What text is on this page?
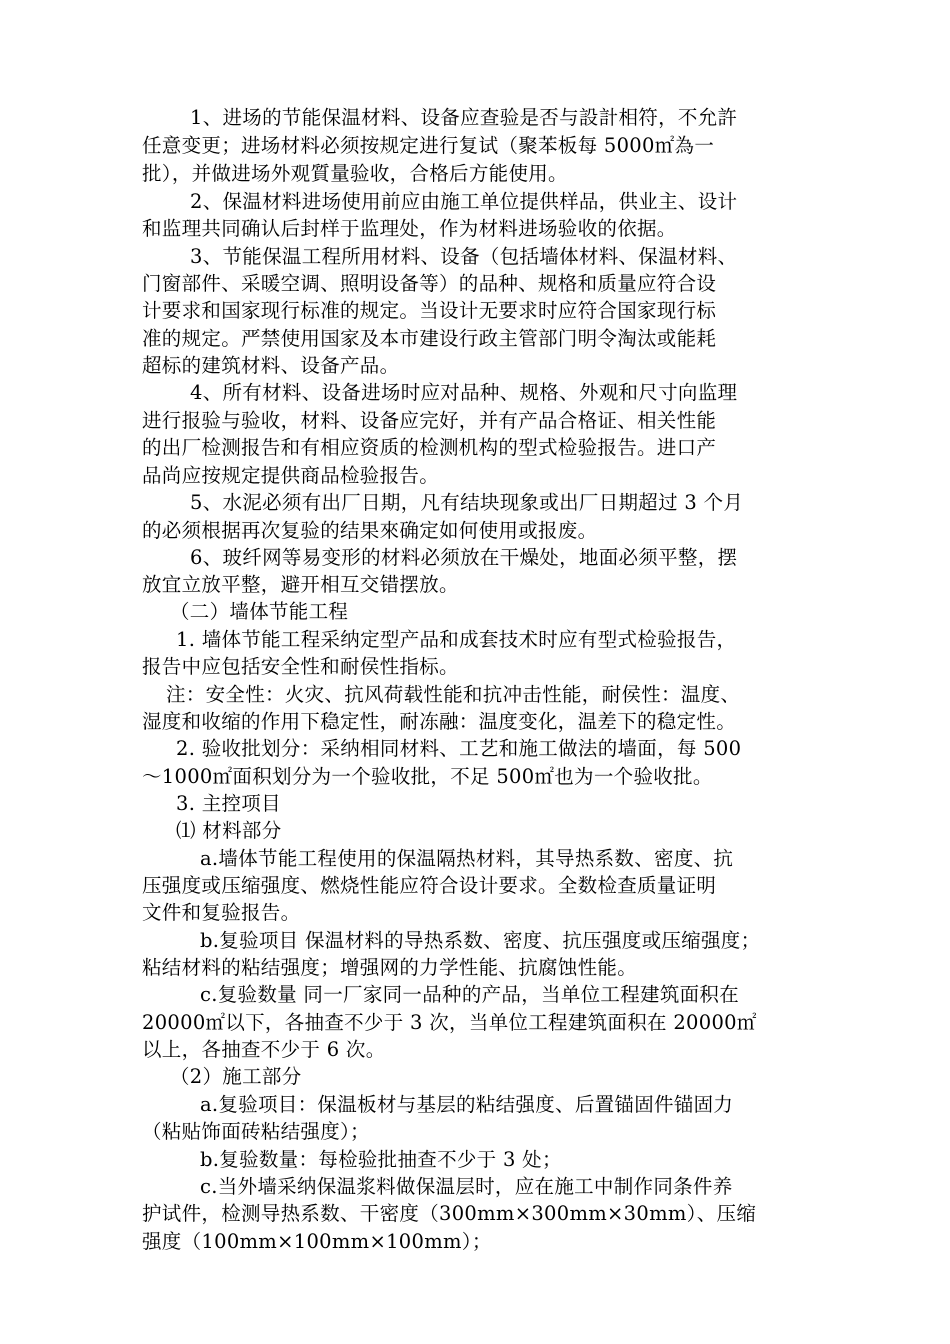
1、进场的节能保温材料、设备应查验是否与設計相符，不允許
任意变更；进场材料必须按规定进行复试（聚苯板每 5000㎡為一
批），并做进场外观質量验收，合格后方能使用。
2、保温材料进场使用前应由施工单位提供样品，供业主、设计
和监理共同确认后封样于监理处，作为材料进场验收的依据。
3、节能保温工程所用材料、设备（包括墙体材料、保温材料、
门窗部件、采暖空调、照明设备等）的品种、规格和质量应符合设
计要求和国家现行标准的规定。当设计无要求时应符合国家现行标
准的规定。严禁使用国家及本市建设行政主管部门明令淘汰或能耗
超标的建筑材料、设备产品。
4、所有材料、设备进场时应对品种、规格、外观和尺寸向监理
进行报验与验收，材料、设备应完好，并有产品合格证、相关性能
的出厂检测报告和有相应资质的检测机构的型式检验报告。进口产
品尚应按规定提供商品检验报告。
5、水泥必须有出厂日期，凡有结块现象或出厂日期超过 3 个月
的必须根据再次复验的结果來确定如何使用或报废。
6、玻纤网等易变形的材料必须放在干燥处，地面必须平整，摆
放宜立放平整，避开相互交错摆放。
（二）墙体节能工程
1. 墙体节能工程采纳定型产品和成套技术时应有型式检验报告，
报告中应包括安全性和耐侯性指标。
注：安全性：火灾、抗风荷载性能和抗冲击性能，耐侯性：温度、
湿度和收缩的作用下稳定性，耐冻融：温度变化，温差下的稳定性。
2. 验收批划分：采纳相同材料、工艺和施工做法的墙面，每 500
～1000㎡面积划分为一个验收批，不足 500㎡也为一个验收批。
3. 主控项目
⑴ 材料部分
a.墙体节能工程使用的保温隔热材料，其导热系数、密度、抗
压强度或压缩强度、燃烧性能应符合设计要求。全数检查质量证明
文件和复验报告。
b.复验项目 保温材料的导热系数、密度、抗压强度或压缩强度；
粘结材料的粘结强度；增强网的力学性能、抗腐蚀性能。
c.复验数量 同一厂家同一品种的产品，当单位工程建筑面积在
20000㎡以下，各抽查不少于 3 次，当单位工程建筑面积在 20000㎡
以上，各抽查不少于 6 次。
（2）施工部分
a.复验项目：保温板材与基层的粘结强度、后置锚固件锚固力
（粘贴饰面砖粘结强度）；
b.复验数量：每检验批抽查不少于 3 处；
c.当外墙采纳保温浆料做保温层时，应在施工中制作同条件养
护试件，检测导热系数、干密度（300mm×300mm×30mm）、压缩
强度（100mm×100mm×100mm）；
